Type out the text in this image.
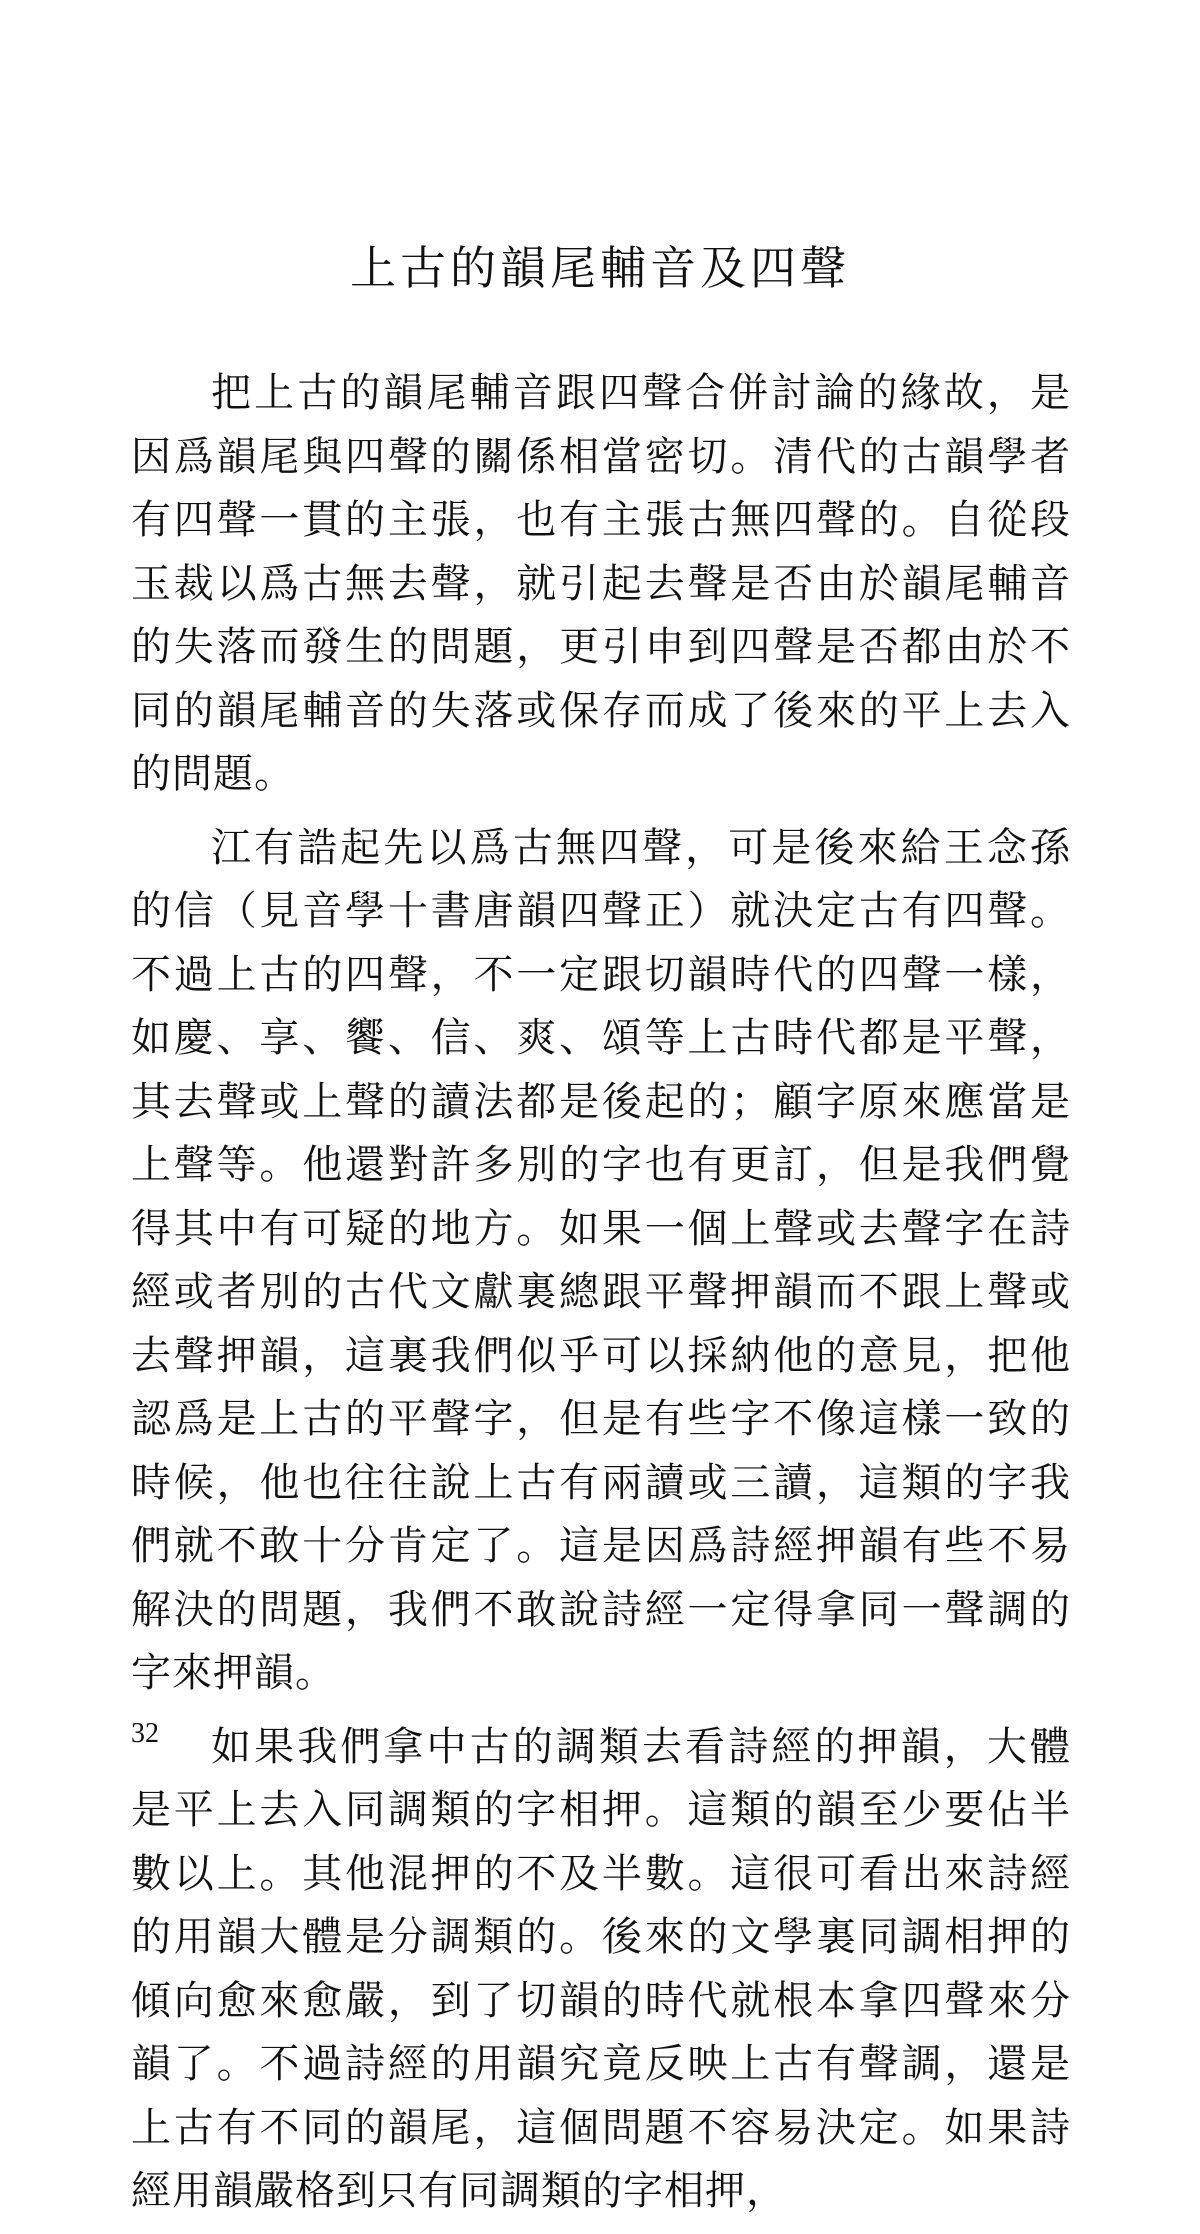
上古的韻尾輔音及四聲

把上古的韻尾輔音跟四聲合併討論的緣故，是因爲韻尾與四聲的關係相當密切。清代的古韻學者有四聲一貫的主張，也有主張古無四聲的。自從段玉裁以爲古無去聲，就引起去聲是否由於韻尾輔音的失落而發生的問題，更引申到四聲是否都由於不同的韻尾輔音的失落或保存而成了後來的平上去入的問題。

江有誥起先以爲古無四聲，可是後來給王念孫的信（見音學十書唐韻四聲正）就決定古有四聲。不過上古的四聲，不一定跟切韻時代的四聲一樣，如慶、享、饗、信、爽、頌等上古時代都是平聲，其去聲或上聲的讀法都是後起的；顧字原來應當是上聲等。他還對許多別的字也有更訂，但是我們覺得其中有可疑的地方。如果一個上聲或去聲字在詩經或者別的古代文獻裏總跟平聲押韻而不跟上聲或去聲押韻，這裏我們似乎可以採納他的意見，把他認爲是上古的平聲字，但是有些字不像這樣一致的時候，他也往往說上古有兩讀或三讀，這類的字我們就不敢十分肯定了。這是因爲詩經押韻有些不易解決的問題，我們不敢說詩經一定得拿同一聲調的字來押韻。

如果我們拿中古的調類去看詩經的押韻，大體是平上去入同調類的字相押。這類的韻至少要佔半數以上。其他混押的不及半數。這很可看出來詩經的用韻大體是分調類的。後來的文學裏同調相押的傾向愈來愈嚴，到了切韻的時代就根本拿四聲來分韻了。不過詩經的用韻究竟反映上古有聲調，還是上古有不同的韻尾，這個問題不容易決定。如果詩經用韻嚴格到只有同調類的字相押，

32
